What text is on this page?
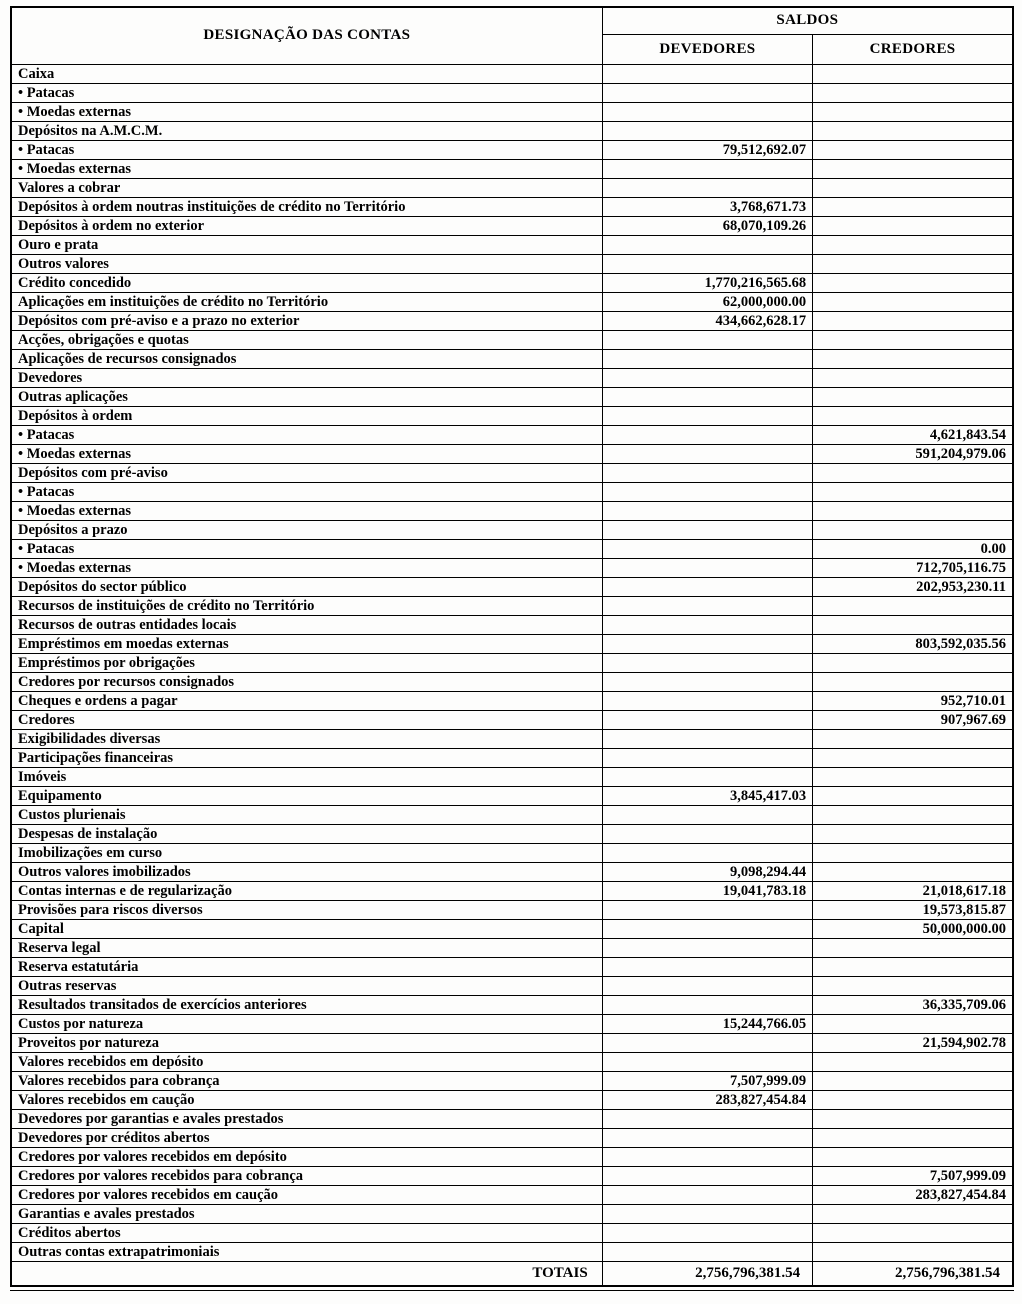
DESIGNAÇÃO DAS CONTAS	SALDOS	
	DEVEDORES	CREDORES
Caixa		
• Patacas		
• Moedas externas		
Depósitos na A.M.C.M.		
• Patacas	79,512,692.07	
• Moedas externas		
Valores a cobrar		
Depósitos à ordem noutras instituições de crédito no Território	3,768,671.73	
Depósitos à ordem no exterior	68,070,109.26	
Ouro e prata		
Outros valores		
Crédito concedido	1,770,216,565.68	
Aplicações em instituições de crédito no Território	62,000,000.00	
Depósitos com pré-aviso e a prazo no exterior	434,662,628.17	
Acções, obrigações e quotas		
Aplicações de recursos consignados		
Devedores		
Outras aplicações		
Depósitos à ordem		
• Patacas		4,621,843.54
• Moedas externas		591,204,979.06
Depósitos com pré-aviso		
• Patacas		
• Moedas externas		
Depósitos a prazo		
• Patacas		0.00
• Moedas externas		712,705,116.75
Depósitos do sector público		202,953,230.11
Recursos de instituições de crédito no Território		
Recursos de outras entidades locais		
Empréstimos em moedas externas		803,592,035.56
Empréstimos por obrigações		
Credores por recursos consignados		
Cheques e ordens a pagar		952,710.01
Credores		907,967.69
Exigibilidades diversas		
Participações financeiras		
Imóveis		
Equipamento	3,845,417.03	
Custos plurienais		
Despesas de instalação		
Imobilizações em curso		
Outros valores imobilizados	9,098,294.44	
Contas internas e de regularização	19,041,783.18	21,018,617.18
Provisões para riscos diversos		19,573,815.87
Capital		50,000,000.00
Reserva legal		
Reserva estatutária		
Outras reservas		
Resultados transitados de exercícios anteriores		36,335,709.06
Custos por natureza	15,244,766.05	
Proveitos por natureza		21,594,902.78
Valores recebidos em depósito		
Valores recebidos para cobrança	7,507,999.09	
Valores recebidos em caução	283,827,454.84	
Devedores por garantias e avales prestados		
Devedores por créditos abertos		
Credores por valores recebidos em depósito		
Credores por valores recebidos para cobrança		7,507,999.09
Credores por valores recebidos em caução		283,827,454.84
Garantias e avales prestados		
Créditos abertos		
Outras contas extrapatrimoniais		
TOTAIS	2,756,796,381.54	2,756,796,381.54
